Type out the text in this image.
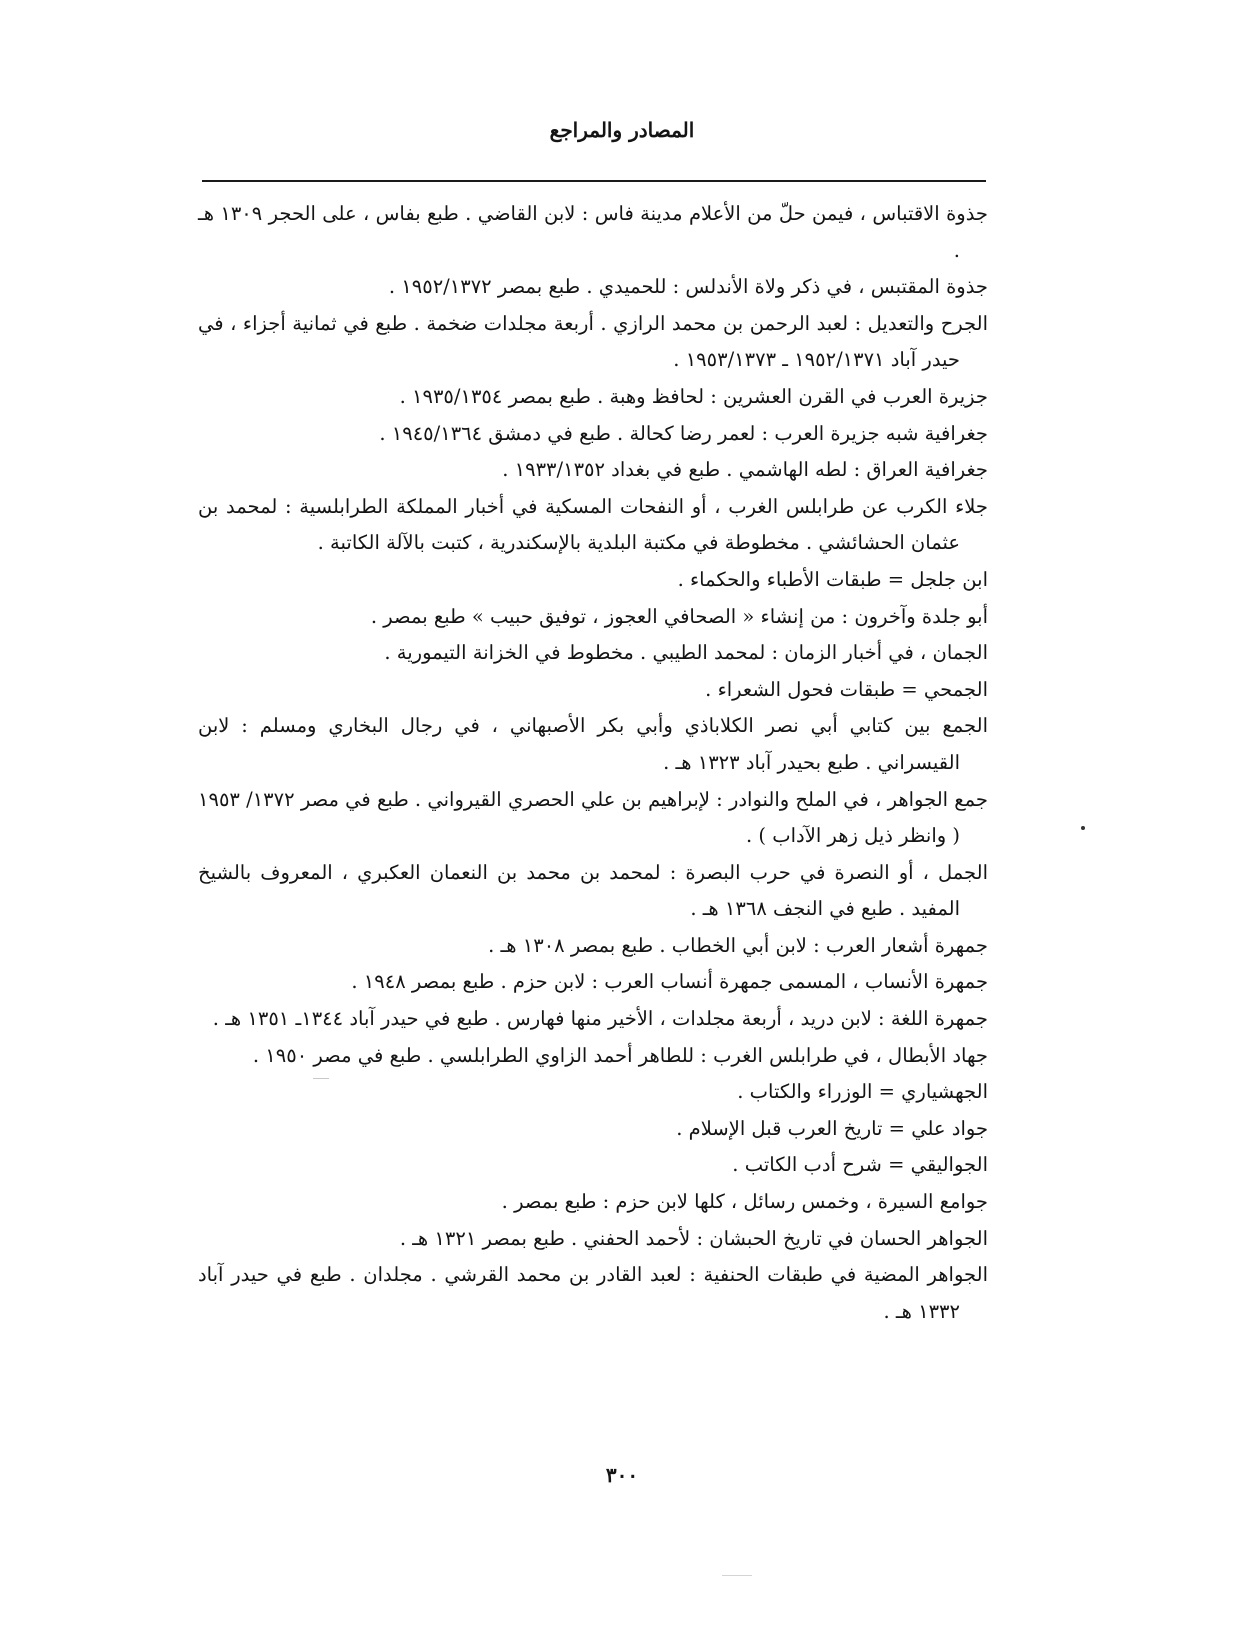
المصادر والمراجع

جذوة الاقتباس ، فيمن حلّ من الأعلام مدينة فاس : لابن القاضي . طبع بفاس ، على الحجر ١٣٠٩ هـ .

جذوة المقتبس ، في ذكر ولاة الأندلس : للحميدي . طبع بمصر ١٩٥٢/١٣٧٢ .

الجرح والتعديل : لعبد الرحمن بن محمد الرازي . أربعة مجلدات ضخمة . طبع في ثمانية أجزاء ، في حيدر آباد ١٩٥٢/١٣٧١ ـ ١٩٥٣/١٣٧٣ .

جزيرة العرب في القرن العشرين : لحافظ وهبة . طبع بمصر ١٩٣٥/١٣٥٤ .

جغرافية شبه جزيرة العرب : لعمر رضا كحالة . طبع في دمشق ١٩٤٥/١٣٦٤ .

جغرافية العراق : لطه الهاشمي . طبع في بغداد ١٩٣٣/١٣٥٢ .

جلاء الكرب عن طرابلس الغرب ، أو النفحات المسكية في أخبار المملكة الطرابلسية : لمحمد بن عثمان الحشائشي . مخطوطة في مكتبة البلدية بالإسكندرية ، كتبت بالآلة الكاتبة .

ابن جلجل = طبقات الأطباء والحكماء .

أبو جلدة وآخرون : من إنشاء « الصحافي العجوز ، توفيق حبيب » طبع بمصر .

الجمان ، في أخبار الزمان : لمحمد الطيبي . مخطوط في الخزانة التيمورية .

الجمحي = طبقات فحول الشعراء .

الجمع بين كتابي أبي نصر الكلاباذي وأبي بكر الأصبهاني ، في رجال البخاري ومسلم : لابن القيسراني . طبع بحيدر آباد ١٣٢٣ هـ .

جمع الجواهر ، في الملح والنوادر : لإبراهيم بن علي الحصري القيرواني . طبع في مصر ١٣٧٢/ ١٩٥٣ ( وانظر ذيل زهر الآداب ) .

الجمل ، أو النصرة في حرب البصرة : لمحمد بن محمد بن النعمان العكبري ، المعروف بالشيخ المفيد . طبع في النجف ١٣٦٨ هـ .

جمهرة أشعار العرب : لابن أبي الخطاب . طبع بمصر ١٣٠٨ هـ .

جمهرة الأنساب ، المسمى جمهرة أنساب العرب : لابن حزم . طبع بمصر ١٩٤٨ .

جمهرة اللغة : لابن دريد ، أربعة مجلدات ، الأخير منها فهارس . طبع في حيدر آباد ١٣٤٤ـ ١٣٥١ هـ .

جهاد الأبطال ، في طرابلس الغرب : للطاهر أحمد الزاوي الطرابلسي . طبع في مصر ١٩٥٠ .

الجهشياري = الوزراء والكتاب .

جواد علي = تاريخ العرب قبل الإسلام .

الجواليقي = شرح أدب الكاتب .

جوامع السيرة ، وخمس رسائل ، كلها لابن حزم : طبع بمصر .

الجواهر الحسان في تاريخ الحبشان : لأحمد الحفني . طبع بمصر ١٣٢١ هـ .

الجواهر المضية في طبقات الحنفية : لعبد القادر بن محمد القرشي . مجلدان . طبع في حيدر آباد ١٣٣٢ هـ .

٣٠٠
